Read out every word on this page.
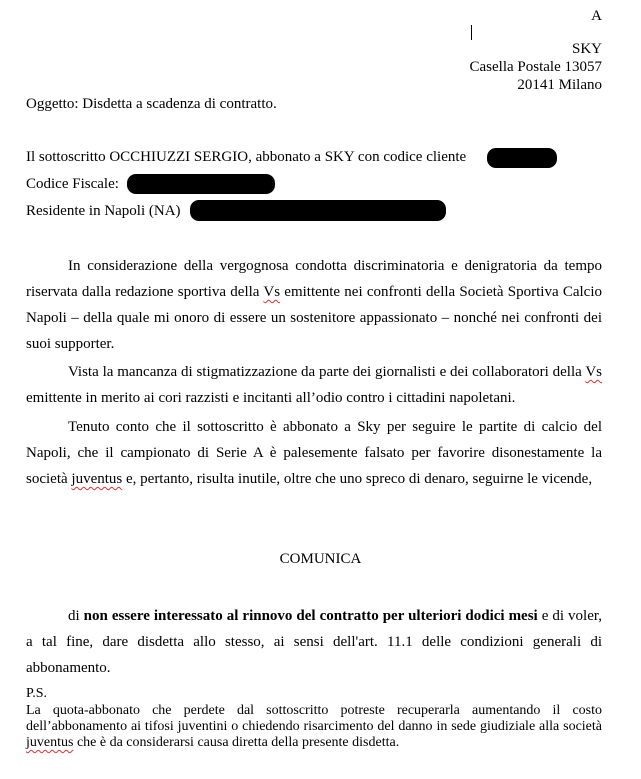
A
SKY
Casella Postale 13057
20141 Milano
Oggetto: Disdetta a scadenza di contratto.
Il sottoscritto OCCHIUZZI SERGIO, abbonato a SKY con codice cliente
Codice Fiscale:
Residente in Napoli (NA)
In considerazione della vergognosa condotta discriminatoria e denigratoria da tempo riservata dalla redazione sportiva della Vs emittente nei confronti della Società Sportiva Calcio Napoli – della quale mi onoro di essere un sostenitore appassionato – nonché nei confronti dei suoi supporter.
Vista la mancanza di stigmatizzazione da parte dei giornalisti e dei collaboratori della Vs emittente in merito ai cori razzisti e incitanti all’odio contro i cittadini napoletani.
Tenuto conto che il sottoscritto è abbonato a Sky per seguire le partite di calcio del Napoli, che il campionato di Serie A è palesemente falsato per favorire disonestamente la società juventus e, pertanto, risulta inutile, oltre che uno spreco di denaro, seguirne le vicende,
COMUNICA
di non essere interessato al rinnovo del contratto per ulteriori dodici mesi e di voler, a tal fine, dare disdetta allo stesso, ai sensi dell'art. 11.1 delle condizioni generali di abbonamento.
P.S.
La quota-abbonato che perdete dal sottoscritto potreste recuperarla aumentando il costo dell’abbonamento ai tifosi juventini o chiedendo risarcimento del danno in sede giudiziale alla società juventus che è da considerarsi causa diretta della presente disdetta.
